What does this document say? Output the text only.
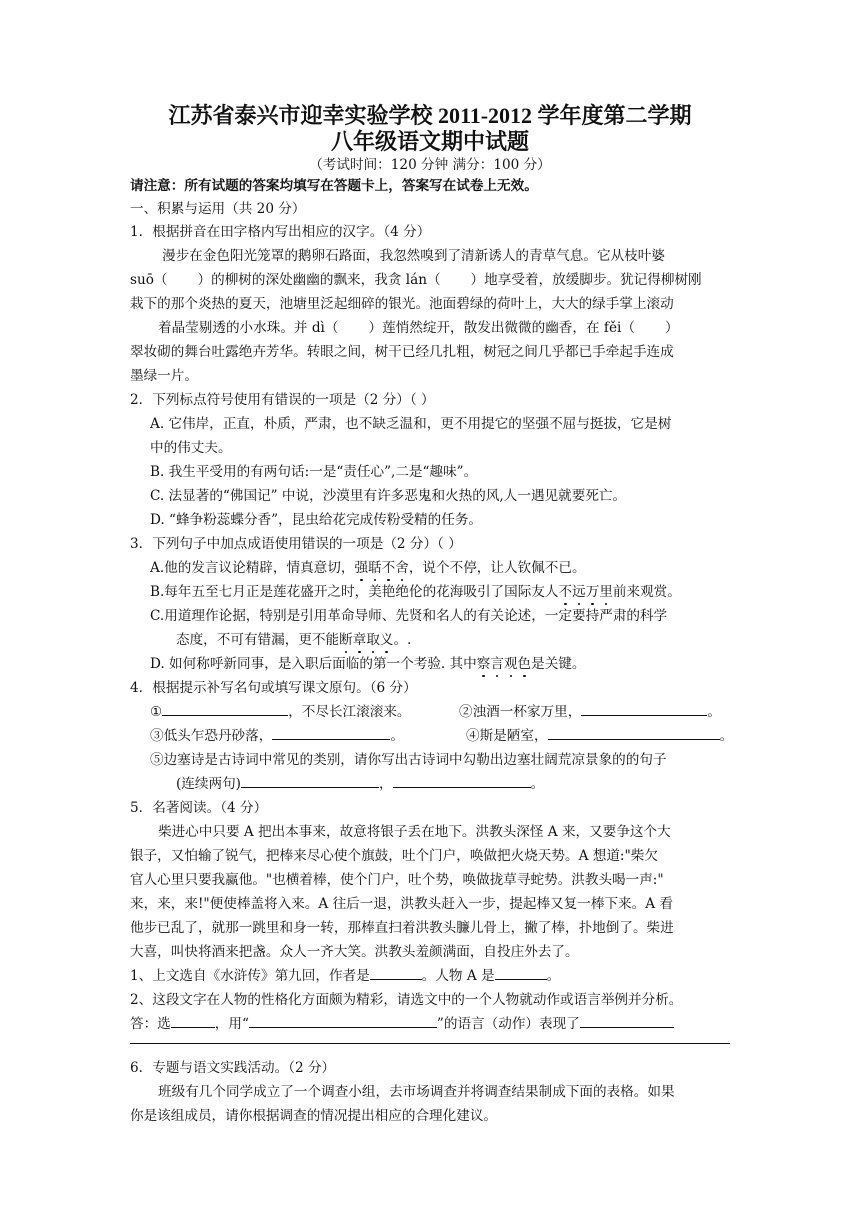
江苏省泰兴市迎幸实验学校 2011-2012 学年度第二学期
八年级语文期中试题
（考试时间：120 分钟 满分：100 分）
请注意：所有试题的答案均填写在答题卡上，答案写在试卷上无效。
一、积累与运用（共 20 分）
1．根据拼音在田字格内写出相应的汉字。（4 分）
漫步在金色阳光笼罩的鹅卵石路面，我忽然嗅到了清新诱人的青草气息。它从枝叶婆
suō（ ）的柳树的深处幽幽的飘来，我贪 lán（ ）地享受着，放缓脚步。犹记得柳树刚
栽下的那个炎热的夏天，池塘里泛起细碎的银光。池面碧绿的荷叶上，大大的绿手掌上滚动
着晶莹剔透的小水珠。并 dì（ ）莲悄然绽开，散发出微微的幽香，在 fěi（ ）
翠妆砌的舞台吐露绝卉芳华。转眼之间，树干已经几扎粗，树冠之间几乎都已手牵起手连成
墨绿一片。
2．下列标点符号使用有错误的一项是（2 分）（ ）
A. 它伟岸，正直，朴质，严肃，也不缺乏温和，更不用提它的坚强不屈与挺拔，它是树
中的伟丈夫。
B. 我生平受用的有两句话:一是“责任心”,二是“趣味”。
C. 法显著的“佛国记” 中说，沙漠里有许多恶鬼和火热的风,人一遇见就要死亡。
D. “蜂争粉蕊蝶分香”，昆虫给花完成传粉受精的任务。
3．下列句子中加点成语使用错误的一项是（2 分）（ ）
A.他的发言议论精辟，情真意切，强聒不舍，说个不停，让人钦佩不已。
B.每年五至七月正是莲花盛开之时，美艳绝伦的花海吸引了国际友人不远万里前来观赏。
C.用道理作论据，特别是引用革命导师、先贤和名人的有关论述，一定要持严肃的科学
态度，不可有错漏，更不能断章取义。.
D. 如何称呼新同事，是入职后面临的第一个考验. 其中察言观色是关键。
4．根据提示补写名句或填写课文原句。（6 分）
①	，不尽长江滚滚来。	②浊酒一杯家万里，	。
③低头乍恐丹砂落，	。	④斯是陋室，	。
⑤边塞诗是古诗词中常见的类别，请你写出古诗词中勾勒出边塞壮阔荒凉景象的的句子
(连续两句)	，	。
5．名著阅读。（4 分）
柴进心中只要 A 把出本事来，故意将银子丢在地下。洪教头深怪 A 来，又要争这个大
银子，又怕输了锐气，把棒来尽心使个旗鼓，吐个门户，唤做把火烧天势。A 想道:"柴欠
官人心里只要我赢他。"也横着棒，使个门户，吐个势，唤做拢草寻蛇势。洪教头喝一声:"
来，来，来!"便使棒盖将入来。A 往后一退，洪教头赶入一步，提起棒又复一棒下来。A 看
他步已乱了，就那一跳里和身一转，那棒直扫着洪教头臁儿骨上，撇了棒，扑地倒了。柴进
大喜，叫快将酒来把盏。众人一齐大笑。洪教头羞颜满面，自投庄外去了。
1、上文选自《水浒传》第九回，作者是	。人物 A 是	。
2、这段文字在人物的性格化方面颇为精彩，请选文中的一个人物就动作或语言举例并分析。
答：选	，用“	”的语言（动作）表现了
6．专题与语文实践活动。（2 分）
班级有几个同学成立了一个调查小组，去市场调查并将调查结果制成下面的表格。如果
你是该组成员，请你根据调查的情况提出相应的合理化建议。
